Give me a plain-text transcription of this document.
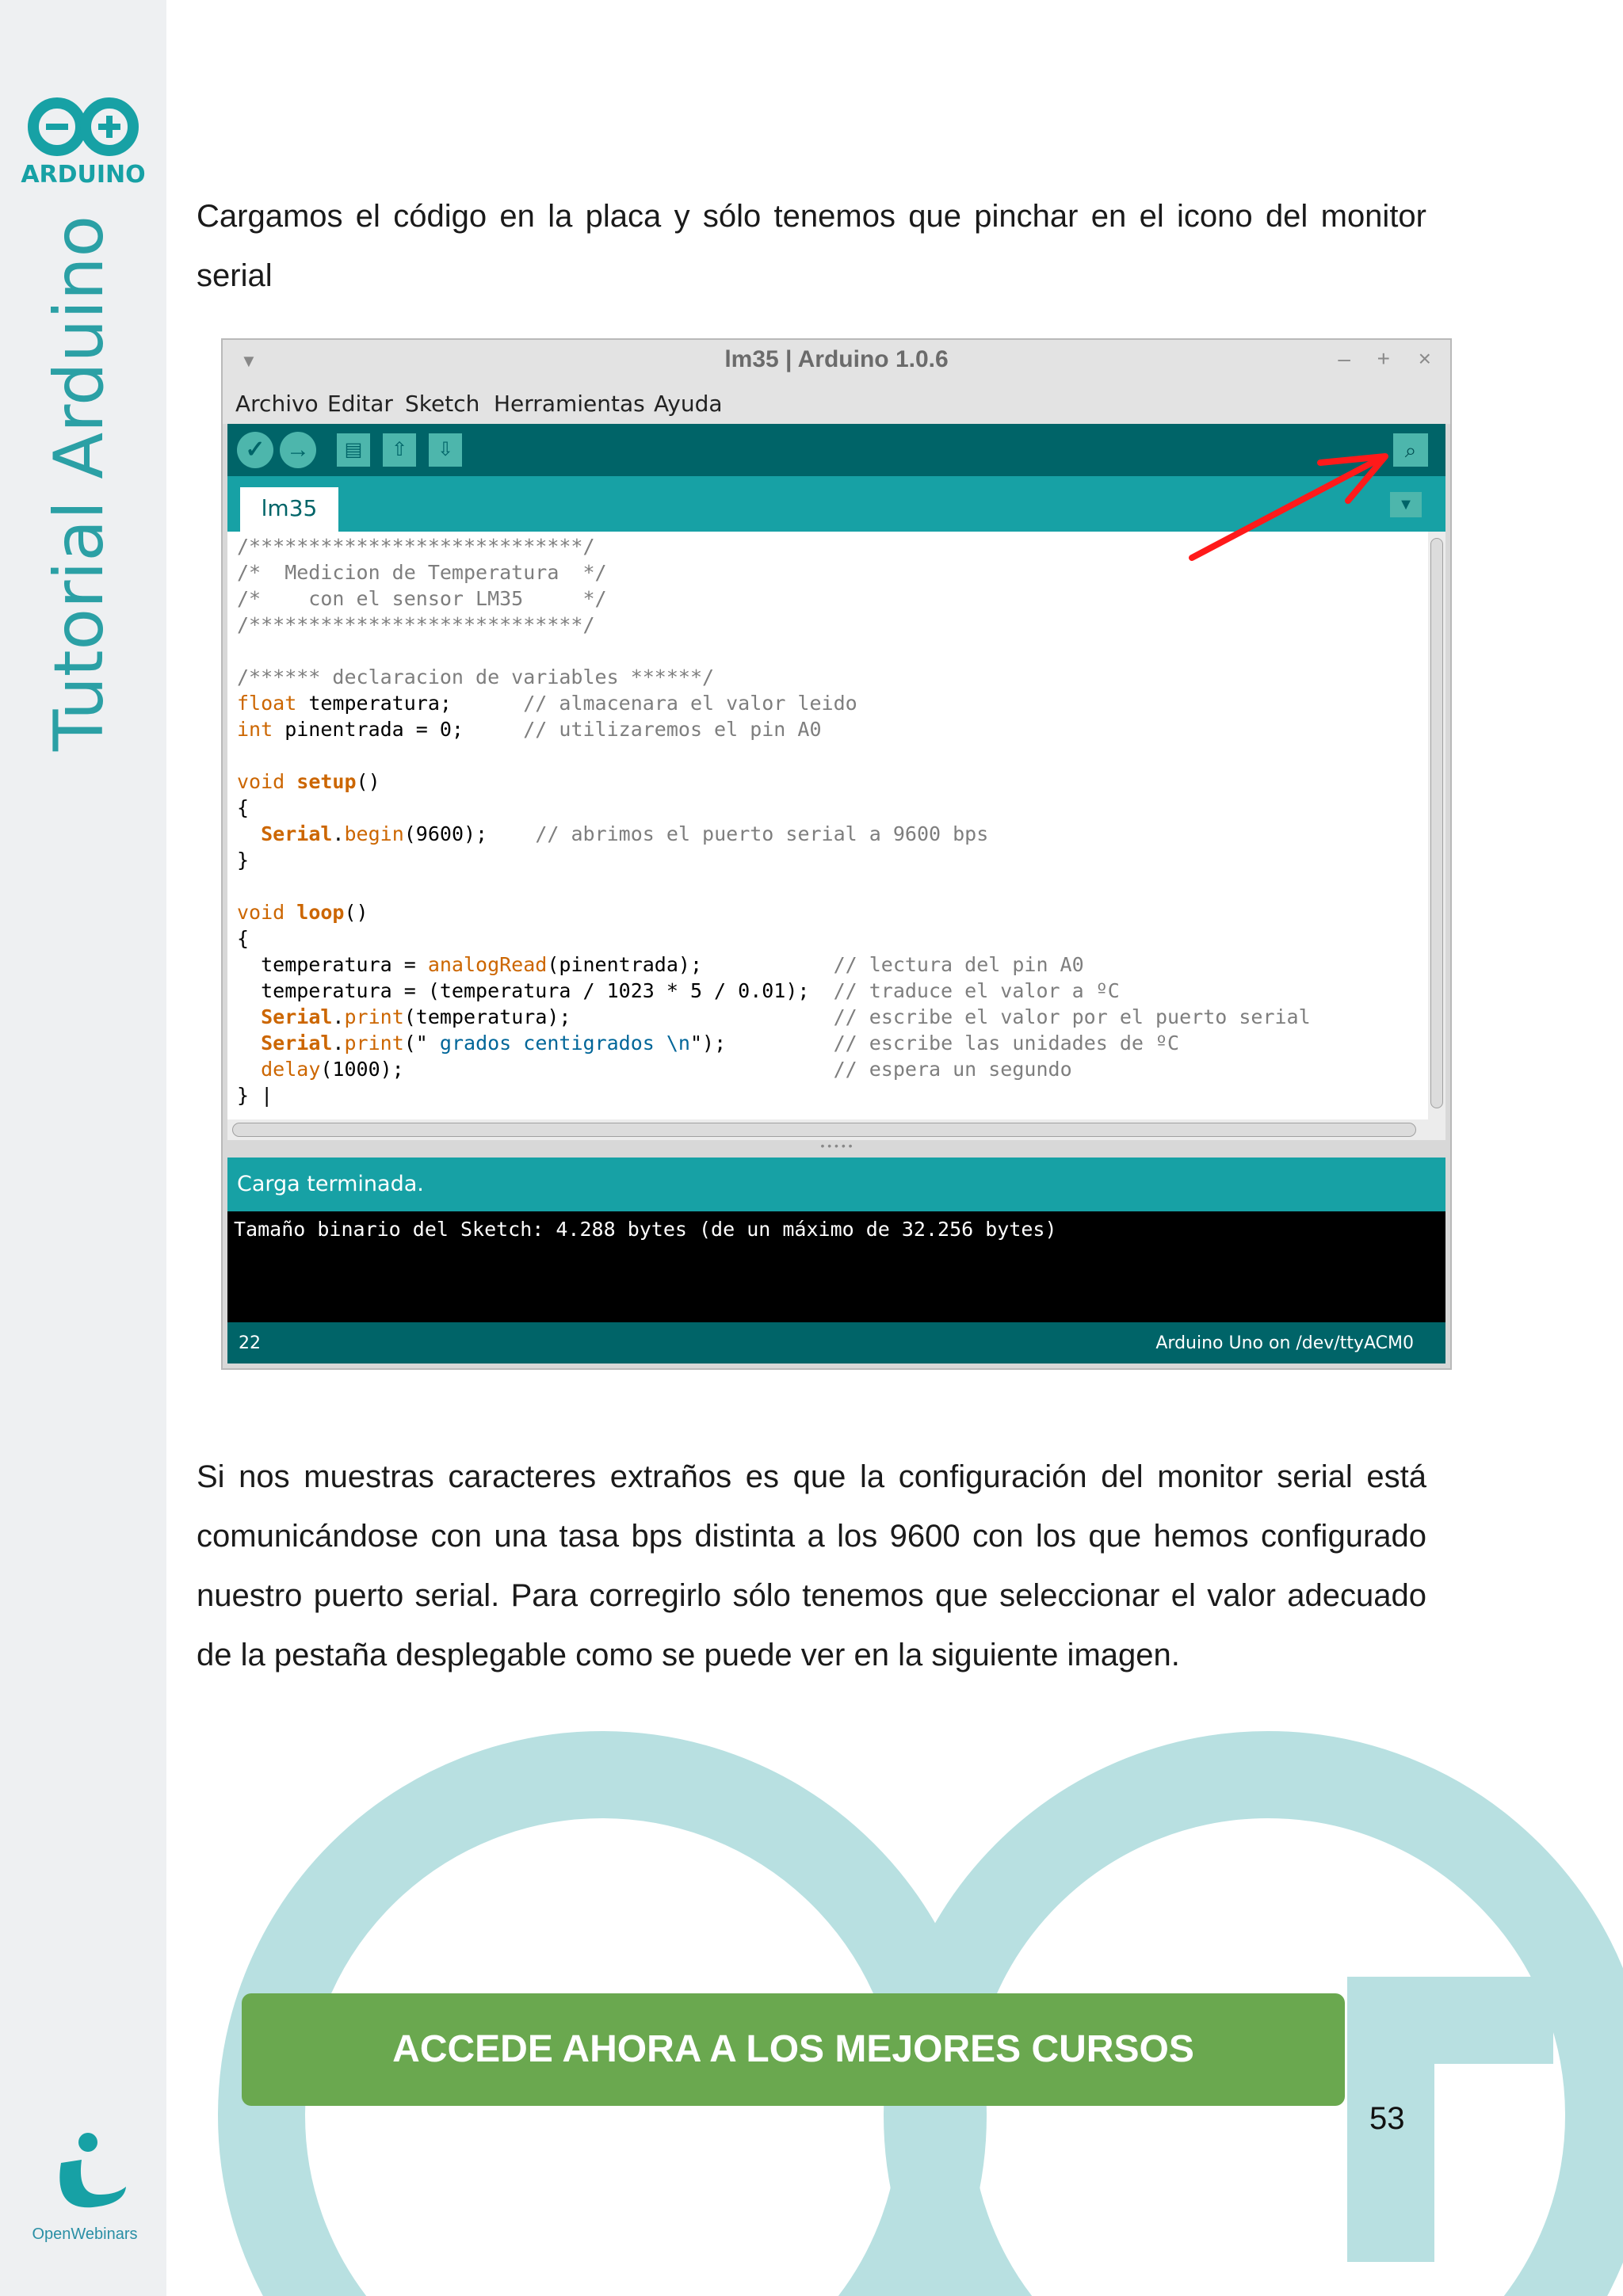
ARDUINO
Tutorial Arduino
OpenWebinars
Cargamos el código en la placa y sólo tenemos que pinchar en el icono del monitor serial
▼	lm35 | Arduino 1.0.6	– + ×
Archivo Editar Sketch Herramientas Ayuda
✓ →	▤	⇧	⇩	⌕
lm35	▼
/****************************/
/*  Medicion de Temperatura  */
/*    con el sensor LM35     */
/****************************/
/****** declaracion de variables ******/
float temperatura;      // almacenara el valor leido
int pinentrada = 0;     // utilizaremos el pin A0
void setup()
{
Serial.begin(9600);    // abrimos el puerto serial a 9600 bps
}
void loop()
{
temperatura = analogRead(pinentrada);           // lectura del pin A0
temperatura = (temperatura / 1023 * 5 / 0.01);  // traduce el valor a ºC
Serial.print(temperatura);                      // escribe el valor por el puerto serial
Serial.print(" grados centigrados \n");         // escribe las unidades de ºC
delay(1000);                                    // espera un segundo
} |
• • • • •
Carga terminada.
Tamaño binario del Sketch: 4.288 bytes (de un máximo de 32.256 bytes)
22	Arduino Uno on /dev/ttyACM0
Si nos muestras caracteres extraños es que la configuración del monitor serial está comunicándose con una tasa bps distinta a los 9600 con los que hemos configurado nuestro puerto serial. Para corregirlo sólo tenemos que seleccionar el valor adecuado de la pestaña desplegable como se puede ver en la siguiente imagen.
ACCEDE AHORA A LOS MEJORES CURSOS
53
